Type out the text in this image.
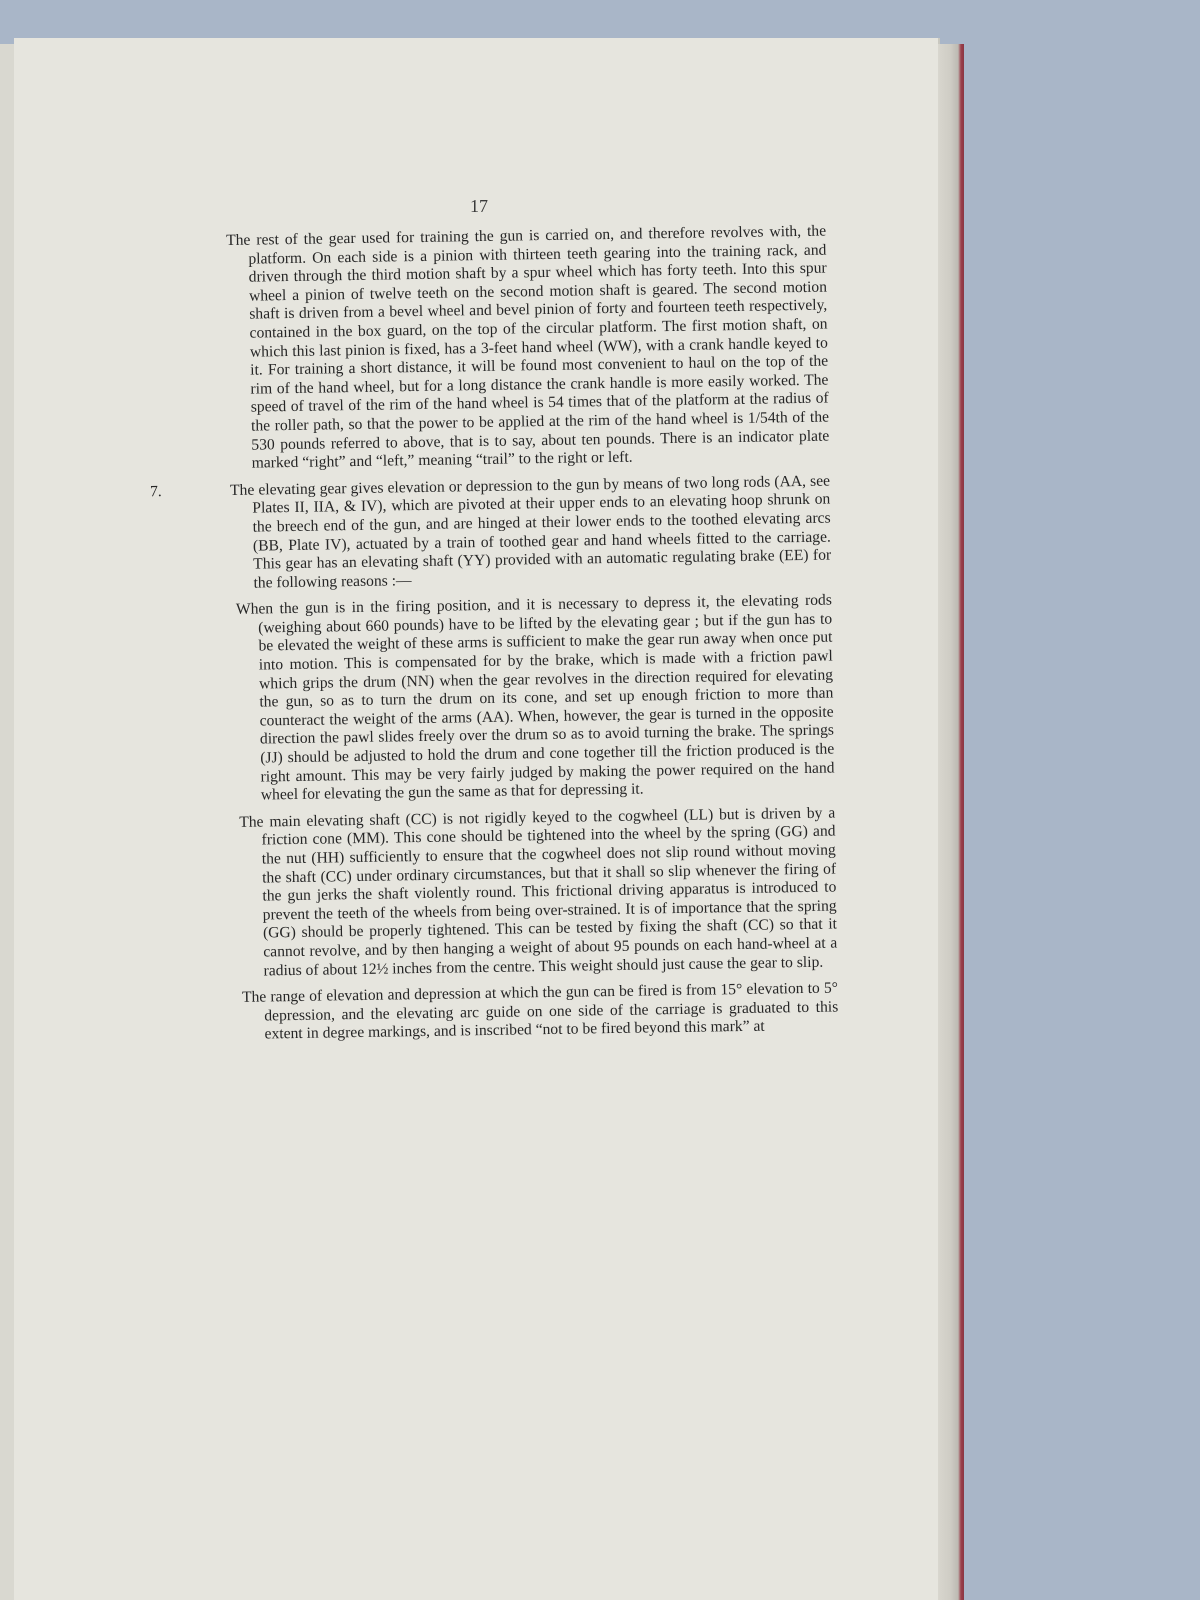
17

The rest of the gear used for training the gun is carried on, and therefore revolves with, the platform. On each side is a pinion with thirteen teeth gearing into the training rack, and driven through the third motion shaft by a spur wheel which has forty teeth. Into this spur wheel a pinion of twelve teeth on the second motion shaft is geared. The second motion shaft is driven from a bevel wheel and bevel pinion of forty and fourteen teeth respectively, contained in the box guard, on the top of the circular platform. The first motion shaft, on which this last pinion is fixed, has a 3-feet hand wheel (WW), with a crank handle keyed to it. For training a short distance, it will be found most convenient to haul on the top of the rim of the hand wheel, but for a long distance the crank handle is more easily worked. The speed of travel of the rim of the hand wheel is 54 times that of the platform at the radius of the roller path, so that the power to be applied at the rim of the hand wheel is 1/54th of the 530 pounds referred to above, that is to say, about ten pounds. There is an indicator plate marked “right” and “left,” meaning “trail” to the right or left.

The elevating gear gives elevation or depression to the gun by means of two long rods (AA, see Plates II, IIA, & IV), which are pivoted at their upper ends to an elevating hoop shrunk on the breech end of the gun, and are hinged at their lower ends to the toothed elevating arcs (BB, Plate IV), actuated by a train of toothed gear and hand wheels fitted to the carriage. This gear has an elevating shaft (YY) provided with an automatic regulating brake (EE) for the following reasons :—

When the gun is in the firing position, and it is necessary to depress it, the elevating rods (weighing about 660 pounds) have to be lifted by the elevating gear ; but if the gun has to be elevated the weight of these arms is sufficient to make the gear run away when once put into motion. This is compensated for by the brake, which is made with a friction pawl which grips the drum (NN) when the gear revolves in the direction required for elevating the gun, so as to turn the drum on its cone, and set up enough friction to more than counteract the weight of the arms (AA). When, however, the gear is turned in the opposite direction the pawl slides freely over the drum so as to avoid turning the brake. The springs (JJ) should be adjusted to hold the drum and cone together till the friction produced is the right amount. This may be very fairly judged by making the power required on the hand wheel for elevating the gun the same as that for depressing it.

The main elevating shaft (CC) is not rigidly keyed to the cogwheel (LL) but is driven by a friction cone (MM). This cone should be tightened into the wheel by the spring (GG) and the nut (HH) sufficiently to ensure that the cogwheel does not slip round without moving the shaft (CC) under ordinary circumstances, but that it shall so slip whenever the firing of the gun jerks the shaft violently round. This frictional driving apparatus is introduced to prevent the teeth of the wheels from being over-strained. It is of importance that the spring (GG) should be properly tightened. This can be tested by fixing the shaft (CC) so that it cannot revolve, and by then hanging a weight of about 95 pounds on each hand-wheel at a radius of about 12½ inches from the centre. This weight should just cause the gear to slip.

The range of elevation and depression at which the gun can be fired is from 15° elevation to 5° depression, and the elevating arc guide on one side of the carriage is graduated to this extent in degree markings, and is inscribed “not to be fired beyond this mark” at
